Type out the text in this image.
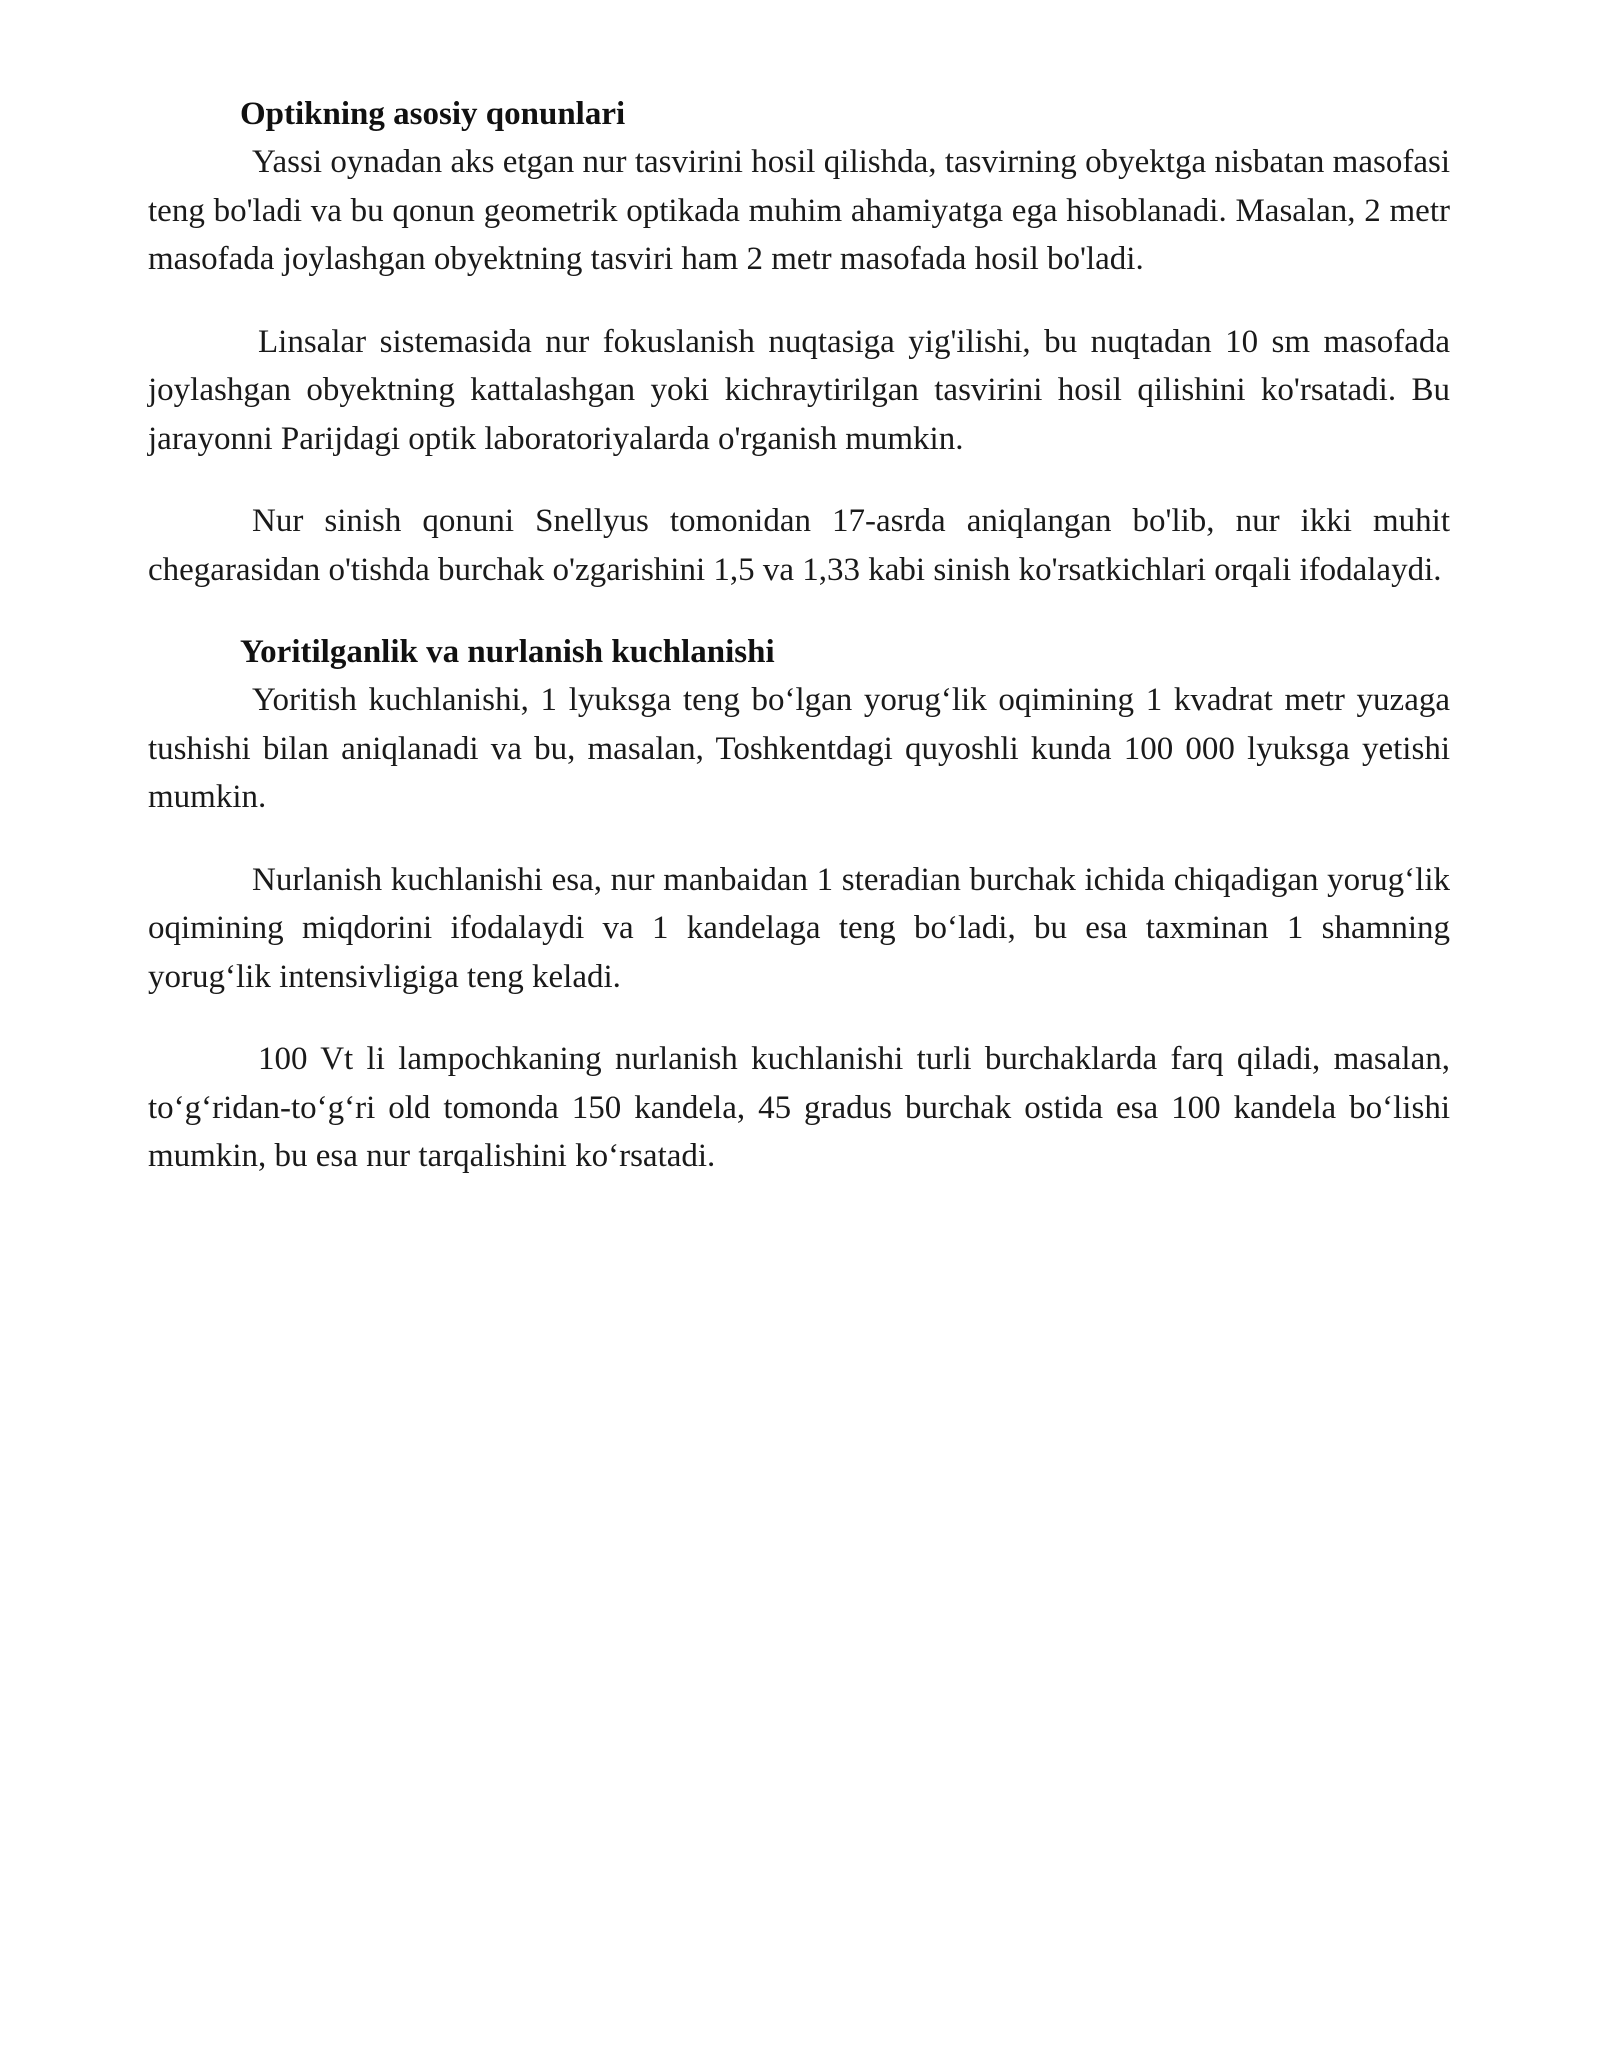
Optikning asosiy qonunlari

Yassi oynadan aks etgan nur tasvirini hosil qilishda, tasvirning obyektga nisbatan masofasi teng bo'ladi va bu qonun geometrik optikada muhim ahamiyatga ega hisoblanadi. Masalan, 2 metr masofada joylashgan obyektning tasviri ham 2 metr masofada hosil bo'ladi.

Linsalar sistemasida nur fokuslanish nuqtasiga yig'ilishi, bu nuqtadan 10 sm masofada joylashgan obyektning kattalashgan yoki kichraytirilgan tasvirini hosil qilishini ko'rsatadi. Bu jarayonni Parijdagi optik laboratoriyalarda o'rganish mumkin.

Nur sinish qonuni Snellyus tomonidan 17-asrda aniqlangan bo'lib, nur ikki muhit chegarasidan o'tishda burchak o'zgarishini 1,5 va 1,33 kabi sinish ko'rsatkichlari orqali ifodalaydi.

Yoritilganlik va nurlanish kuchlanishi

Yoritish kuchlanishi, 1 lyuksga teng bo‘lgan yorug‘lik oqimining 1 kvadrat metr yuzaga tushishi bilan aniqlanadi va bu, masalan, Toshkentdagi quyoshli kunda 100 000 lyuksga yetishi mumkin.

Nurlanish kuchlanishi esa, nur manbaidan 1 steradian burchak ichida chiqadigan yorug‘lik oqimining miqdorini ifodalaydi va 1 kandelaga teng bo‘ladi, bu esa taxminan 1 shamning yorug‘lik intensivligiga teng keladi.

100 Vt li lampochkaning nurlanish kuchlanishi turli burchaklarda farq qiladi, masalan, to‘g‘ridan-to‘g‘ri old tomonda 150 kandela, 45 gradus burchak ostida esa 100 kandela bo‘lishi mumkin, bu esa nur tarqalishini ko‘rsatadi.
